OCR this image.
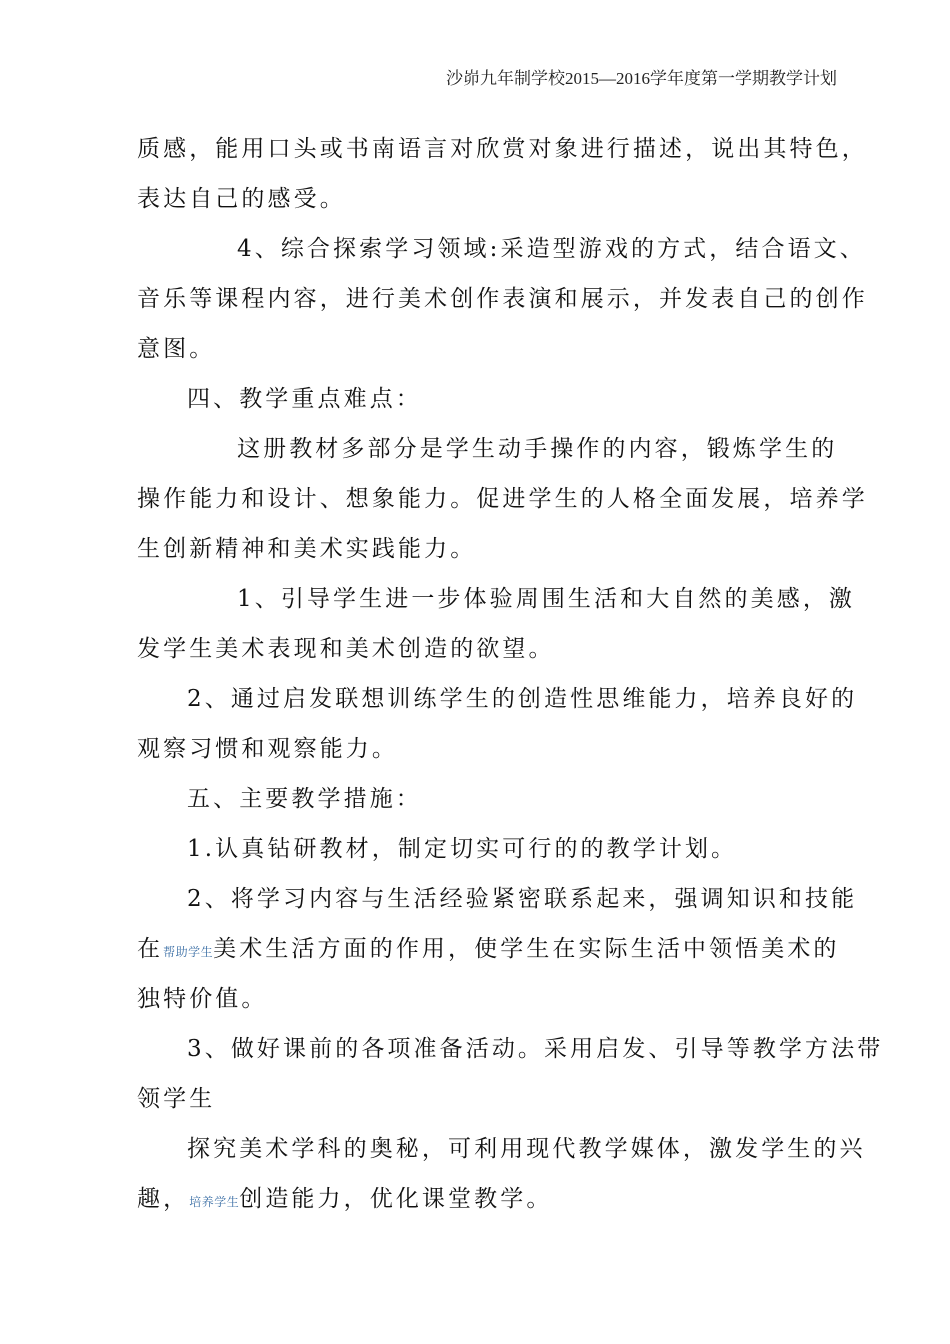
沙峁九年制学校2015—2016学年度第一学期教学计划

质感，能用口头或书南语言对欣赏对象进行描述，说出其特色，

表达自己的感受。

4、综合探索学习领域:采造型游戏的方式，结合语文、

音乐等课程内容，进行美术创作表演和展示，并发表自己的创作

意图。

四、教学重点难点：

这册教材多部分是学生动手操作的内容，锻炼学生的

操作能力和设计、想象能力。促进学生的人格全面发展，培养学

生创新精神和美术实践能力。

1、引导学生进一步体验周围生活和大自然的美感，激

发学生美术表现和美术创造的欲望。

2、通过启发联想训练学生的创造性思维能力，培养良好的

观察习惯和观察能力。

五、主要教学措施：

1.认真钻研教材，制定切实可行的的教学计划。

2、将学习内容与生活经验紧密联系起来，强调知识和技能

在帮助学生美术生活方面的作用，使学生在实际生活中领悟美术的

独特价值。

3、做好课前的各项准备活动。采用启发、引导等教学方法带

领学生

探究美术学科的奥秘，可利用现代教学媒体，激发学生的兴

趣，培养学生创造能力，优化课堂教学。
